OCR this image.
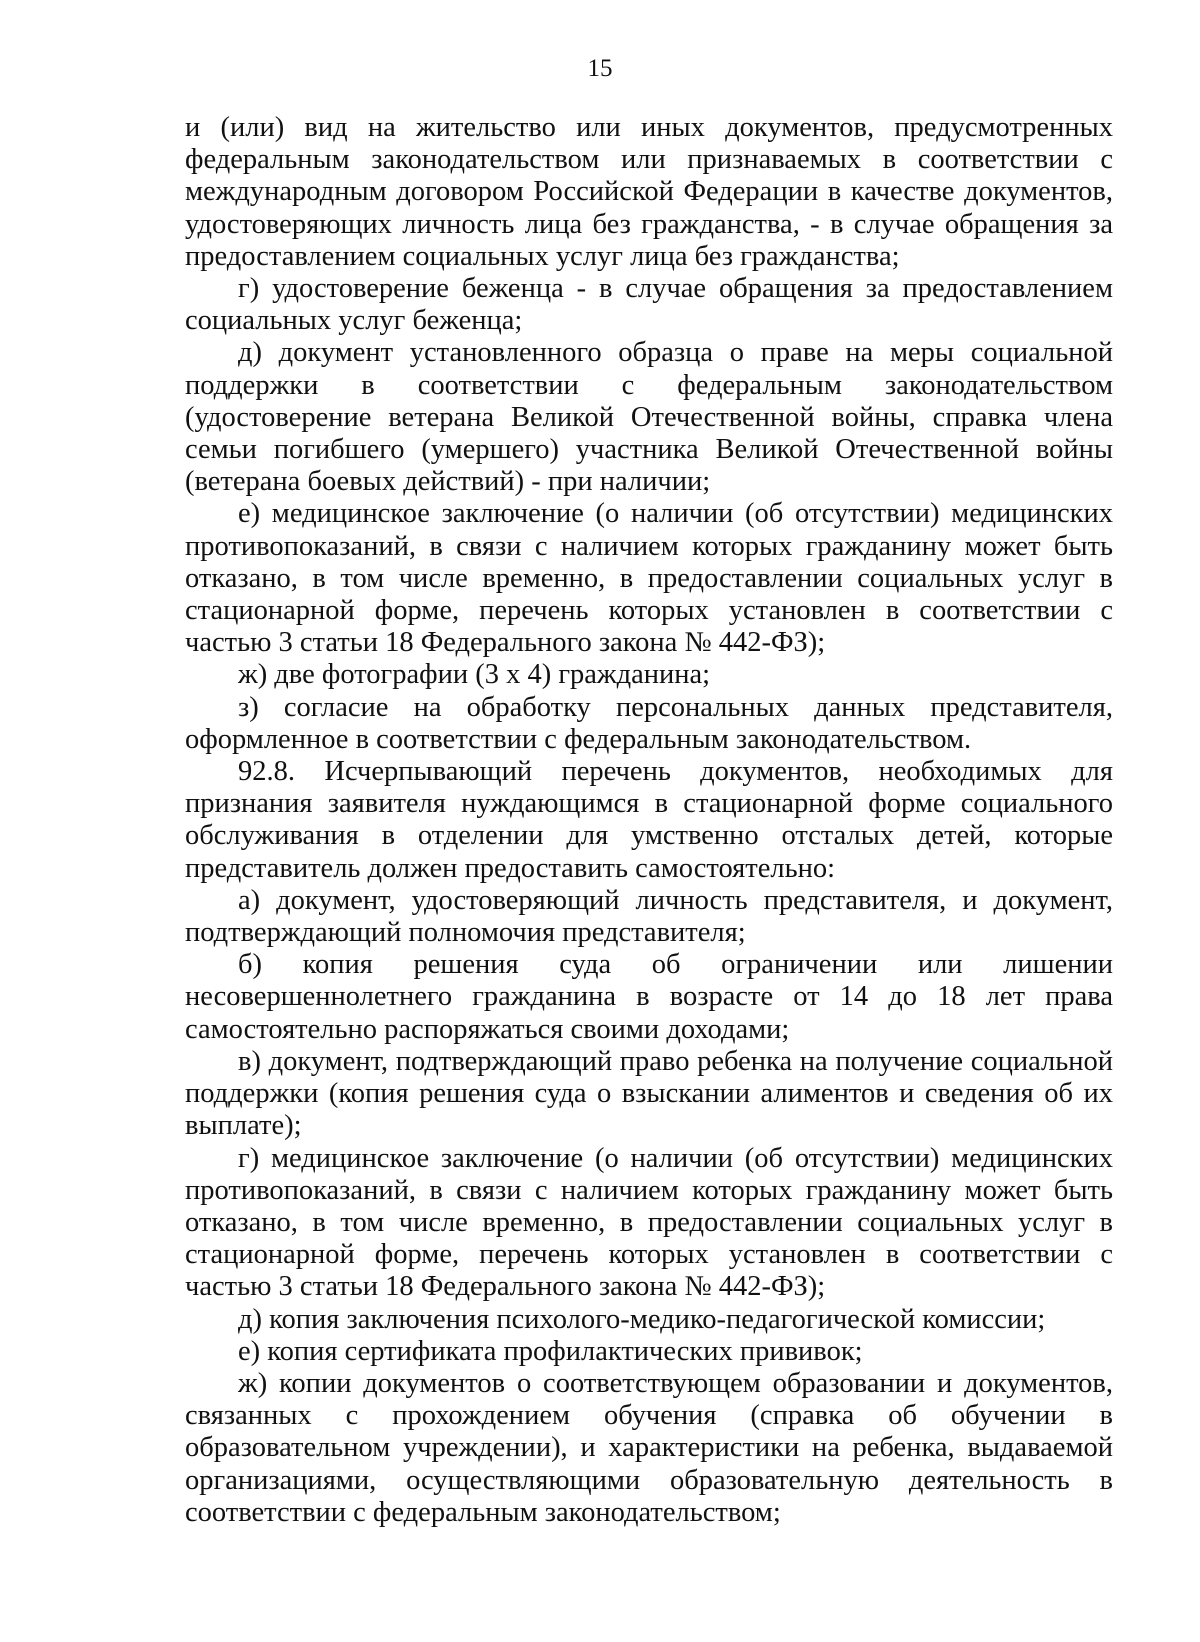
15

и (или) вид на жительство или иных документов, предусмотренных федеральным законодательством или признаваемых в соответствии с международным договором Российской Федерации в качестве документов, удостоверяющих личность лица без гражданства, - в случае обращения за предоставлением социальных услуг лица без гражданства;

г) удостоверение беженца - в случае обращения за предоставлением социальных услуг беженца;

д) документ установленного образца о праве на меры социальной поддержки в соответствии с федеральным законодательством (удостоверение ветерана Великой Отечественной войны, справка члена семьи погибшего (умершего) участника Великой Отечественной войны (ветерана боевых действий) - при наличии;

е) медицинское заключение (о наличии (об отсутствии) медицинских противопоказаний, в связи с наличием которых гражданину может быть отказано, в том числе временно, в предоставлении социальных услуг в стационарной форме, перечень которых установлен в соответствии с частью 3 статьи 18 Федерального закона № 442-ФЗ);

ж) две фотографии (3 х 4) гражданина;

з) согласие на обработку персональных данных представителя, оформленное в соответствии с федеральным законодательством.

92.8. Исчерпывающий перечень документов, необходимых для признания заявителя нуждающимся в стационарной форме социального обслуживания в отделении для умственно отсталых детей, которые представитель должен предоставить самостоятельно:

а) документ, удостоверяющий личность представителя, и документ, подтверждающий полномочия представителя;

б) копия решения суда об ограничении или лишении несовершеннолетнего гражданина в возрасте от 14 до 18 лет права самостоятельно распоряжаться своими доходами;

в) документ, подтверждающий право ребенка на получение социальной поддержки (копия решения суда о взыскании алиментов и сведения об их выплате);

г) медицинское заключение (о наличии (об отсутствии) медицинских противопоказаний, в связи с наличием которых гражданину может быть отказано, в том числе временно, в предоставлении социальных услуг в стационарной форме, перечень которых установлен в соответствии с частью 3 статьи 18 Федерального закона № 442-ФЗ);

д) копия заключения психолого-медико-педагогической комиссии;

е) копия сертификата профилактических прививок;

ж) копии документов о соответствующем образовании и документов, связанных с прохождением обучения (справка об обучении в образовательном учреждении), и характеристики на ребенка, выдаваемой организациями, осуществляющими образовательную деятельность в соответствии с федеральным законодательством;
